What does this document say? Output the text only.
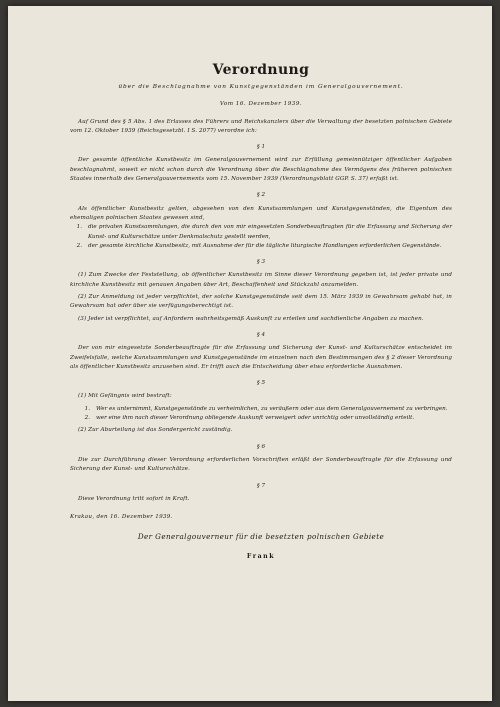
Verordnung
über die Beschlagnahme von Kunstgegenständen im Generalgouvernement.
Vom 16. Dezember 1939.
Auf Grund des § 5 Abs. 1 des Erlasses des Führers und Reichskanzlers über die Verwaltung der besetzten polnischen Gebiete vom 12. Oktober 1939 (Reichsgesetzbl. I S. 2077) verordne ich:
§ 1
Der gesamte öffentliche Kunstbesitz im Generalgouvernement wird zur Erfüllung gemeinnütziger öffentlicher Aufgaben beschlagnahmt, soweit er nicht schon durch die Verordnung über die Beschlagnahme des Vermögens des früheren polnischen Staates innerhalb des Generalgouvernements vom 15. November 1939 (Verordnungsblatt GGP. S. 37) erfaßt ist.
§ 2
Als öffentlicher Kunstbesitz gelten, abgesehen von den Kunstsammlungen und Kunstgegenständen, die Eigentum des ehemaligen polnischen Staates gewesen sind,
1.	die privaten Kunstsammlungen, die durch den von mir eingesetzten Sonderbeauftragten für die Erfassung und Sicherung der Kunst- und Kulturschätze unter Denkmalschutz gestellt werden,
2.	der gesamte kirchliche Kunstbesitz, mit Ausnahme der für die tägliche liturgische Handlungen erforderlichen Gegenstände.
§ 3
(1) Zum Zwecke der Feststellung, ob öffentlicher Kunstbesitz im Sinne dieser Verordnung gegeben ist, ist jeder private und kirchliche Kunstbesitz mit genauen Angaben über Art, Beschaffenheit und Stückzahl anzumelden.
(2) Zur Anmeldung ist jeder verpflichtet, der solche Kunstgegenstände seit dem 15. März 1939 in Gewahrsam gehabt hat, in Gewahrsam hat oder über sie verfügungsberechtigt ist.
(3) Jeder ist verpflichtet, auf Anfordern wahrheitsgemäß Auskunft zu erteilen und sachdienliche Angaben zu machen.
§ 4
Der von mir eingesetzte Sonderbeauftragte für die Erfassung und Sicherung der Kunst- und Kulturschätze entscheidet im Zweifelsfalle, welche Kunstsammlungen und Kunstgegenstände im einzelnen nach den Bestimmungen des § 2 dieser Verordnung als öffentlicher Kunstbesitz anzusehen sind. Er trifft auch die Entscheidung über etwa erforderliche Ausnahmen.
§ 5
(1) Mit Gefängnis wird bestraft:
1.	Wer es unternimmt, Kunstgegenstände zu verheimlichen, zu veräußern oder aus dem Generalgouvernement zu verbringen.
2.	wer eine ihm nach dieser Verordnung obliegende Auskunft verweigert oder unrichtig oder unvollständig erteilt.
(2) Zur Aburteilung ist das Sondergericht zuständig.
§ 6
Die zur Durchführung dieser Verordnung erforderlichen Vorschriften erläßt der Sonderbeauftragte für die Erfassung und Sicherung der Kunst- und Kulturschätze.
§ 7
Diese Verordnung tritt sofort in Kraft.
Krakau, den 16. Dezember 1939.
Der Generalgouverneur für die besetzten polnischen Gebiete
Frank
